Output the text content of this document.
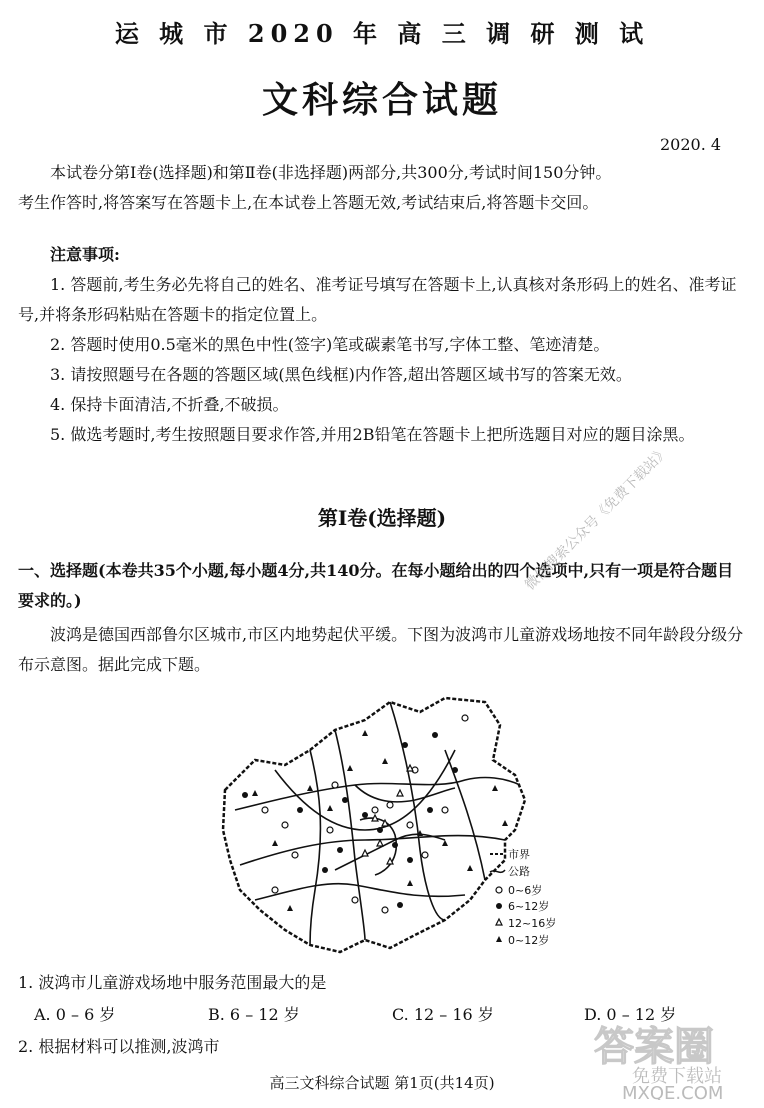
运 城 市 2020 年 高 三 调 研 测 试
文科综合试题
2020. 4
本试卷分第Ⅰ卷(选择题)和第Ⅱ卷(非选择题)两部分,共300分,考试时间150分钟。
考生作答时,将答案写在答题卡上,在本试卷上答题无效,考试结束后,将答题卡交回。
注意事项:
1. 答题前,考生务必先将自己的姓名、准考证号填写在答题卡上,认真核对条形码上的姓名、准考证号,并将条形码粘贴在答题卡的指定位置上。
2. 答题时使用0.5毫米的黑色中性(签字)笔或碳素笔书写,字体工整、笔迹清楚。
3. 请按照题号在各题的答题区域(黑色线框)内作答,超出答题区域书写的答案无效。
4. 保持卡面清洁,不折叠,不破损。
5. 做选考题时,考生按照题目要求作答,并用2B铅笔在答题卡上把所选题目对应的题目涂黑。
第Ⅰ卷(选择题)
一、选择题(本卷共35个小题,每小题4分,共140分。在每小题给出的四个选项中,只有一项是符合题目要求的。)
波鸿是德国西部鲁尔区城市,市区内地势起伏平缓。下图为波鸿市儿童游戏场地按不同年龄段分级分布示意图。据此完成下题。
市界
公路
0~6岁
6~12岁
12~16岁
0~12岁
微信搜索公众号《免费下载站》
1. 波鸿市儿童游戏场地中服务范围最大的是
A. 0 – 6 岁	B. 6 – 12 岁	C. 12 – 16 岁	D. 0 – 12 岁
2. 根据材料可以推测,波鸿市	答案圈
免费下载站
MXQE.COM
高三文科综合试题 第1页(共14页)
